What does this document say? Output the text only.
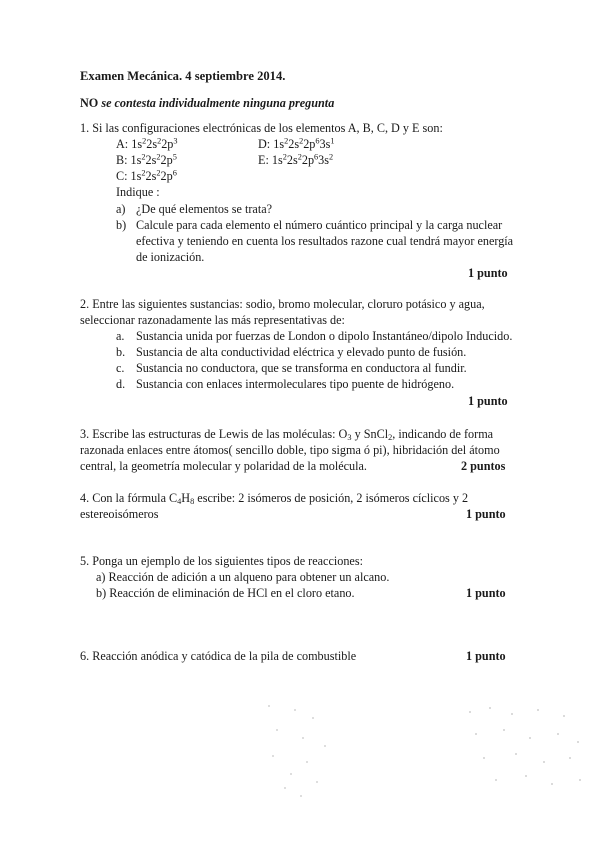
Examen Mecánica. 4 septiembre 2014.
NO se contesta individualmente ninguna pregunta
1. Si las configuraciones electrónicas de los elementos A, B, C, D y E son:
A: $1s^22s^22p^3$	D: $1s^22s^22p^63s^1$
B: $1s^22s^22p^5$	E: $1s^22s^22p^63s^2$
C: $1s^22s^22p^6$
Indique :
a) ¿De qué elementos se trata?
b) Calcule para cada elemento el número cuántico principal y la carga nuclear
efectiva y teniendo en cuenta los resultados razone cual tendrá mayor energía
de ionización.
1 punto
2. Entre las siguientes sustancias: sodio, bromo molecular, cloruro potásico y agua,
seleccionar razonadamente las más representativas de:
a. Sustancia unida por fuerzas de London o dipolo Instantáneo/dipolo Inducido.
b. Sustancia de alta conductividad eléctrica y elevado punto de fusión.
c. Sustancia no conductora, que se transforma en conductora al fundir.
d. Sustancia con enlaces intermoleculares tipo puente de hidrógeno.
1 punto
3. Escribe las estructuras de Lewis de las moléculas: $O_3$ y SnCl$_2$, indicando de forma
razonada enlaces entre átomos( sencillo doble, tipo sigma ó pi), hibridación del átomo
central, la geometría molecular y polaridad de la molécula.	2 puntos
4. Con la fórmula $C_4H_8$ escribe: 2 isómeros de posición, 2 isómeros cíclicos y 2
estereoisómeros	1 punto
5. Ponga un ejemplo de los siguientes tipos de reacciones:
a) Reacción de adición a un alqueno para obtener un alcano.
b) Reacción de eliminación de HCl en el cloro etano.	1 punto
6. Reacción anódica y catódica de la pila de combustible	1 punto
